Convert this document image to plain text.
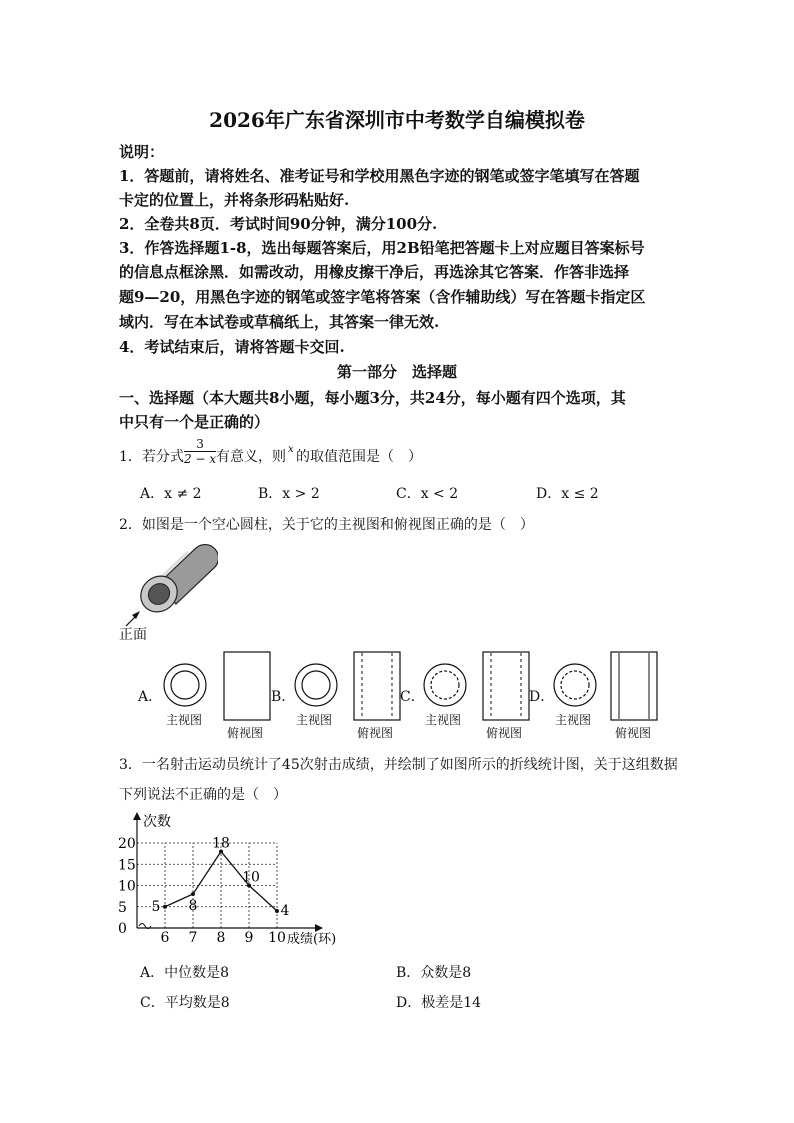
2026年广东省深圳市中考数学自编模拟卷
说明：
1．答题前，请将姓名、准考证号和学校用黑色字迹的钢笔或签字笔填写在答题
卡定的位置上，并将条形码粘贴好.
2．全卷共8页．考试时间90分钟，满分100分.
3．作答选择题1-8，选出每题答案后，用2B铅笔把答题卡上对应题目答案标号
的信息点框涂黑．如需改动，用橡皮擦干净后，再选涂其它答案．作答非选择
题9—20，用黑色字迹的钢笔或签字笔将答案（含作辅助线）写在答题卡指定区
域内．写在本试卷或草稿纸上，其答案一律无效.
4．考试结束后，请将答题卡交回.
第一部分　选择题
一、选择题（本大题共8小题，每小题3分，共24分，每小题有四个选项，其
中只有一个是正确的）
1．若分式 $\frac{3}{2 - x}$ 有意义，则 x 的取值范围是（　）
A．x ≠ 2	B．x > 2	C．x < 2	D．x ≤ 2
2．如图是一个空心圆柱，关于它的主视图和俯视图正确的是（　）
正面
A．
主视图
俯视图
B．
主视图
俯视图
C．
主视图
俯视图
D．
主视图
俯视图
3．一名射击运动员统计了45次射击成绩，并绘制了如图所示的折线统计图，关于这组数据
下列说法不正确的是（　）
20
15
10
5
0
6 7 8 9 10
5 8
18
10
4
次数
成绩(环)
A．中位数是8	B．众数是8
C．平均数是8	D．极差是14
